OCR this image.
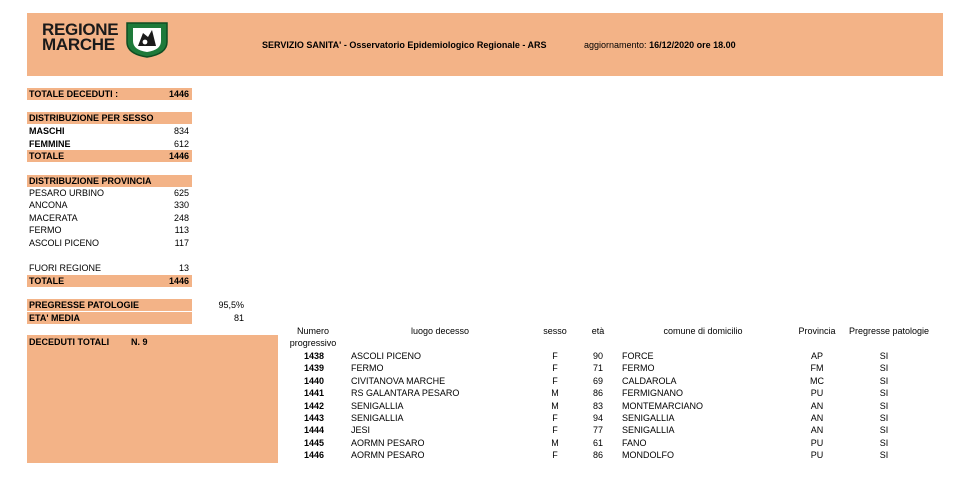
REGIONE
MARCHE	SERVIZIO SANITA' - Osservatorio Epidemiologico Regionale - ARS	aggiornamento: 16/12/2020 ore 18.00
TOTALE DECEDUTI :	1446
DISTRIBUZIONE PER SESSO
MASCHI	834
FEMMINE	612
TOTALE	1446
DISTRIBUZIONE PROVINCIA
PESARO URBINO	625
ANCONA	330
MACERATA	248
FERMO	113
ASCOLI PICENO	117
FUORI REGIONE	13
TOTALE	1446
PREGRESSE PATOLOGIE	95,5%
ETA' MEDIA	81
DECEDUTI TOTALI N. 9
Numero
progressivo
luogo decesso	sesso	età	comune di domicilio	Provincia	Pregresse patologie
1438	ASCOLI PICENO	F	90	FORCE	AP	SI
1439	FERMO	F	71	FERMO	FM	SI
1440	CIVITANOVA MARCHE	F	69	CALDAROLA	MC	SI
1441	RS GALANTARA PESARO	M	86	FERMIGNANO	PU	SI
1442	SENIGALLIA	M	83	MONTEMARCIANO	AN	SI
1443	SENIGALLIA	F	94	SENIGALLIA	AN	SI
1444	JESI	F	77	SENIGALLIA	AN	SI
1445	AORMN PESARO	M	61	FANO	PU	SI
1446	AORMN PESARO	F	86	MONDOLFO	PU	SI
